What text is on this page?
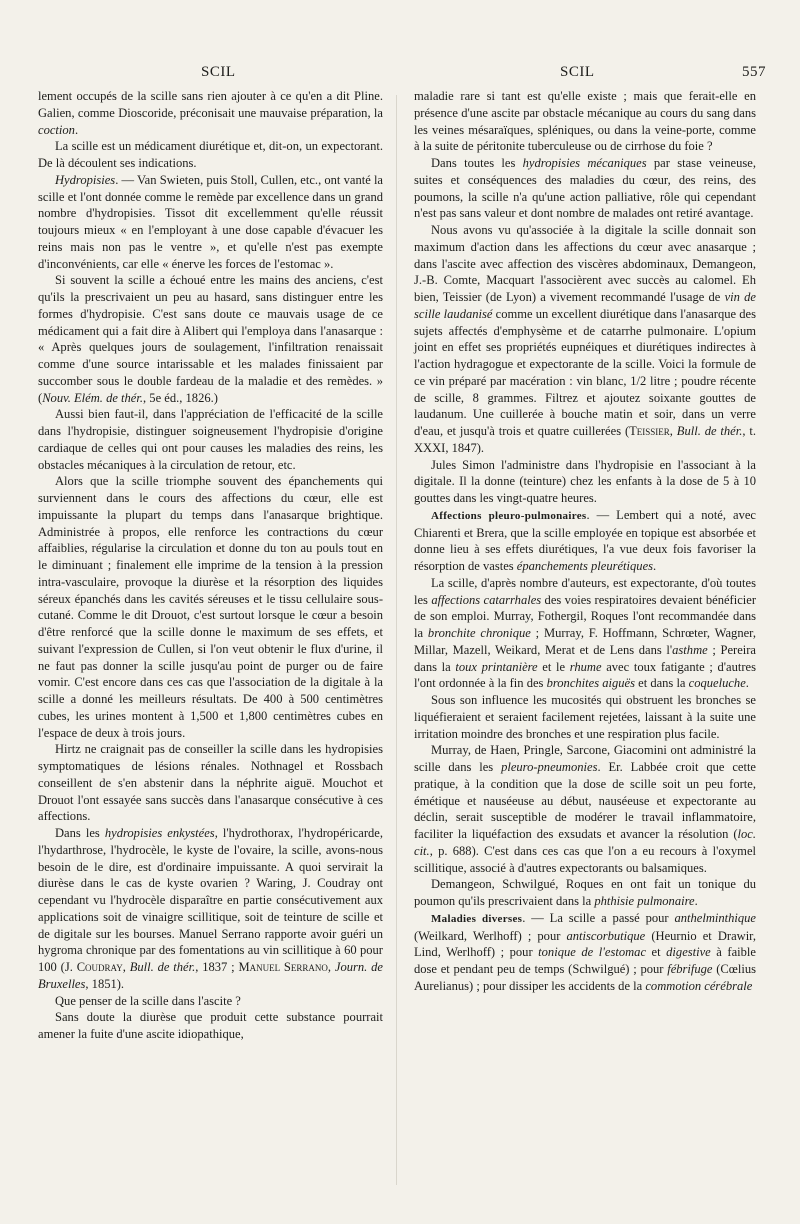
SCIL	SCIL	557

lement occupés de la scille sans rien ajouter à ce qu'en a dit Pline. Galien, comme Dioscoride, préconisait une mauvaise préparation, la coction.

La scille est un médicament diurétique et, dit-on, un expectorant. De là découlent ses indications.

Hydropisies. — Van Swieten, puis Stoll, Cullen, etc., ont vanté la scille et l'ont donnée comme le remède par excellence dans un grand nombre d'hydropisies. Tissot dit excellemment qu'elle réussit toujours mieux « en l'employant à une dose capable d'évacuer les reins mais non pas le ventre », et qu'elle n'est pas exempte d'inconvénients, car elle « énerve les forces de l'estomac ».

Si souvent la scille a échoué entre les mains des anciens, c'est qu'ils la prescrivaient un peu au hasard, sans distinguer entre les formes d'hydropisie. C'est sans doute ce mauvais usage de ce médicament qui a fait dire à Alibert qui l'employa dans l'anasarque : « Après quelques jours de soulagement, l'infiltration renaissait comme d'une source intarissable et les malades finissaient par succomber sous le double fardeau de la maladie et des remèdes. » (Nouv. Elém. de thér., 5e éd., 1826.)

Aussi bien faut-il, dans l'appréciation de l'efficacité de la scille dans l'hydropisie, distinguer soigneusement l'hydropisie d'origine cardiaque de celles qui ont pour causes les maladies des reins, les obstacles mécaniques à la circulation de retour, etc.

Alors que la scille triomphe souvent des épanchements qui surviennent dans le cours des affections du cœur, elle est impuissante la plupart du temps dans l'anasarque brightique. Administrée à propos, elle renforce les contractions du cœur affaiblies, régularise la circulation et donne du ton au pouls tout en le diminuant ; finalement elle imprime de la tension à la pression intra-vasculaire, provoque la diurèse et la résorption des liquides séreux épanchés dans les cavités séreuses et le tissu cellulaire sous-cutané. Comme le dit Drouot, c'est surtout lorsque le cœur a besoin d'être renforcé que la scille donne le maximum de ses effets, et suivant l'expression de Cullen, si l'on veut obtenir le flux d'urine, il ne faut pas donner la scille jusqu'au point de purger ou de faire vomir. C'est encore dans ces cas que l'association de la digitale à la scille a donné les meilleurs résultats. De 400 à 500 centimètres cubes, les urines montent à 1,500 et 1,800 centimètres cubes en l'espace de deux à trois jours.

Hirtz ne craignait pas de conseiller la scille dans les hydropisies symptomatiques de lésions rénales. Nothnagel et Rossbach conseillent de s'en abstenir dans la néphrite aiguë. Mouchot et Drouot l'ont essayée sans succès dans l'anasarque consécutive à ces affections.

Dans les hydropisies enkystées, l'hydrothorax, l'hydropéricarde, l'hydarthrose, l'hydrocèle, le kyste de l'ovaire, la scille, avons-nous besoin de le dire, est d'ordinaire impuissante. A quoi servirait la diurèse dans le cas de kyste ovarien ? Waring, J. Coudray ont cependant vu l'hydrocèle disparaître en partie consécutivement aux applications soit de vinaigre scillitique, soit de teinture de scille et de digitale sur les bourses. Manuel Serrano rapporte avoir guéri un hygroma chronique par des fomentations au vin scillitique à 60 pour 100 (J. Coudray, Bull. de thér., 1837 ; Manuel Serrano, Journ. de Bruxelles, 1851).

Que penser de la scille dans l'ascite ?

Sans doute la diurèse que produit cette substance pourrait amener la fuite d'une ascite idiopathique,

maladie rare si tant est qu'elle existe ; mais que ferait-elle en présence d'une ascite par obstacle mécanique au cours du sang dans les veines mésaraïques, spléniques, ou dans la veine-porte, comme à la suite de péritonite tuberculeuse ou de cirrhose du foie ?

Dans toutes les hydropisies mécaniques par stase veineuse, suites et conséquences des maladies du cœur, des reins, des poumons, la scille n'a qu'une action palliative, rôle qui cependant n'est pas sans valeur et dont nombre de malades ont retiré avantage.

Nous avons vu qu'associée à la digitale la scille donnait son maximum d'action dans les affections du cœur avec anasarque ; dans l'ascite avec affection des viscères abdominaux, Demangeon, J.-B. Comte, Macquart l'associèrent avec succès au calomel. Eh bien, Teissier (de Lyon) a vivement recommandé l'usage de vin de scille laudanisé comme un excellent diurétique dans l'anasarque des sujets affectés d'emphysème et de catarrhe pulmonaire. L'opium joint en effet ses propriétés eupnéiques et diurétiques indirectes à l'action hydragogue et expectorante de la scille. Voici la formule de ce vin préparé par macération : vin blanc, 1/2 litre ; poudre récente de scille, 8 grammes. Filtrez et ajoutez soixante gouttes de laudanum. Une cuillerée à bouche matin et soir, dans un verre d'eau, et jusqu'à trois et quatre cuillerées (Teissier, Bull. de thér., t. XXXI, 1847).

Jules Simon l'administre dans l'hydropisie en l'associant à la digitale. Il la donne (teinture) chez les enfants à la dose de 5 à 10 gouttes dans les vingt-quatre heures.

Affections pleuro-pulmonaires. — Lembert qui a noté, avec Chiarenti et Brera, que la scille employée en topique est absorbée et donne lieu à ses effets diurétiques, l'a vue deux fois favoriser la résorption de vastes épanchements pleurétiques.

La scille, d'après nombre d'auteurs, est expectorante, d'où toutes les affections catarrhales des voies respiratoires devaient bénéficier de son emploi. Murray, Fothergil, Roques l'ont recommandée dans la bronchite chronique ; Murray, F. Hoffmann, Schrœter, Wagner, Millar, Mazell, Weikard, Merat et de Lens dans l'asthme ; Pereira dans la toux printanière et le rhume avec toux fatigante ; d'autres l'ont ordonnée à la fin des bronchites aiguës et dans la coqueluche.

Sous son influence les mucosités qui obstruent les bronches se liquéfieraient et seraient facilement rejetées, laissant à la suite une irritation moindre des bronches et une respiration plus facile.

Murray, de Haen, Pringle, Sarcone, Giacomini ont administré la scille dans les pleuro-pneumonies. Er. Labbée croit que cette pratique, à la condition que la dose de scille soit un peu forte, émétique et nauséeuse au début, nauséeuse et expectorante au déclin, serait susceptible de modérer le travail inflammatoire, faciliter la liquéfaction des exsudats et avancer la résolution (loc. cit., p. 688). C'est dans ces cas que l'on a eu recours à l'oxymel scillitique, associé à d'autres expectorants ou balsamiques.

Demangeon, Schwilgué, Roques en ont fait un tonique du poumon qu'ils prescrivaient dans la phthisie pulmonaire.

Maladies diverses. — La scille a passé pour anthelminthique (Weilkard, Werlhoff) ; pour antiscorbutique (Heurnio et Drawir, Lind, Werlhoff) ; pour tonique de l'estomac et digestive à faible dose et pendant peu de temps (Schwilgué) ; pour fébrifuge (Cœlius Aurelianus) ; pour dissiper les accidents de la commotion cérébrale
